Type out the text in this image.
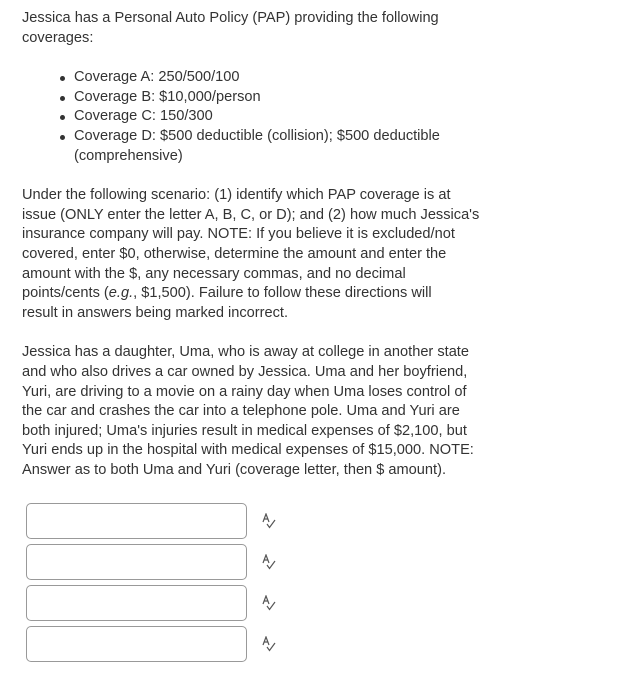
Jessica has a Personal Auto Policy (PAP) providing the following
coverages:

Coverage A: 250/500/100
Coverage B: $10,000/person
Coverage C: 150/300
Coverage D: $500 deductible (collision); $500 deductible
(comprehensive)

Under the following scenario: (1) identify which PAP coverage is at
issue (ONLY enter the letter A, B, C, or D); and (2) how much Jessica's
insurance company will pay. NOTE: If you believe it is excluded/not
covered, enter $0, otherwise, determine the amount and enter the
amount with the $, any necessary commas, and no decimal
points/cents (e.g., $1,500). Failure to follow these directions will
result in answers being marked incorrect.

Jessica has a daughter, Uma, who is away at college in another state
and who also drives a car owned by Jessica. Uma and her boyfriend,
Yuri, are driving to a movie on a rainy day when Uma loses control of
the car and crashes the car into a telephone pole. Uma and Yuri are
both injured; Uma's injuries result in medical expenses of $2,100, but
Yuri ends up in the hospital with medical expenses of $15,000. NOTE:
Answer as to both Uma and Yuri (coverage letter, then $ amount).
